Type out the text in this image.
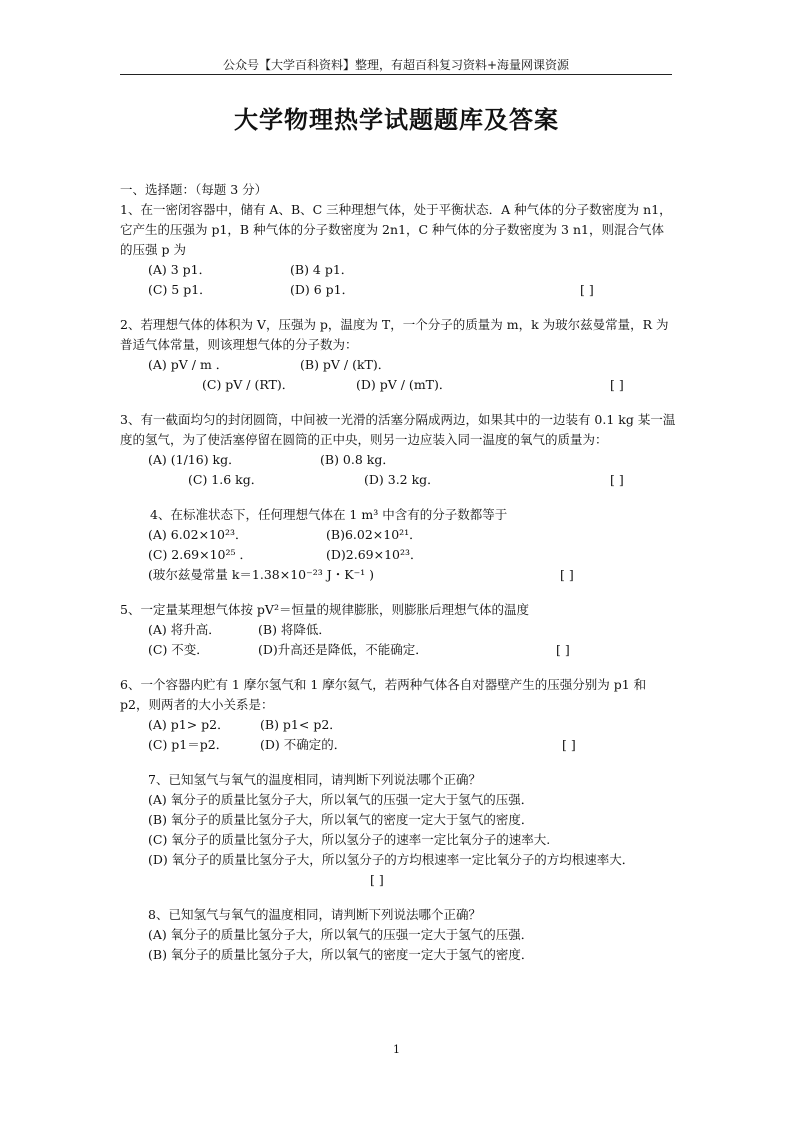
公众号【大学百科资料】整理，有超百科复习资料+海量网课资源
大学物理热学试题题库及答案
一、选择题：（每题 3 分）
1、在一密闭容器中，储有 A、B、C 三种理想气体，处于平衡状态．A 种气体的分子数密度为 n1，它产生的压强为 p1，B 种气体的分子数密度为 2n1，C 种气体的分子数密度为 3 n1，则混合气体的压强 p 为
(A) 3 p1．	(B) 4 p1．
(C) 5 p1．	(D) 6 p1．	[ ]
2、若理想气体的体积为 V，压强为 p，温度为 T，一个分子的质量为 m，k 为玻尔兹曼常量，R 为普适气体常量，则该理想气体的分子数为：
(A) pV / m ．	(B) pV / (kT)．
(C) pV / (RT)．	(D) pV / (mT)．	[ ]
3、有一截面均匀的封闭圆筒，中间被一光滑的活塞分隔成两边，如果其中的一边装有 0.1 kg 某一温度的氢气，为了使活塞停留在圆筒的正中央，则另一边应装入同一温度的氧气的质量为：
(A) (1/16) kg．	(B) 0.8 kg．
(C) 1.6 kg．	(D) 3.2 kg．	[ ]
4、在标准状态下，任何理想气体在 1 m³ 中含有的分子数都等于
(A) 6.02×10²³．	(B)6.02×10²¹．
(C) 2.69×10²⁵ ．	(D)2.69×10²³．
(玻尔兹曼常量 k＝1.38×10⁻²³ J・K⁻¹ )	[ ]
5、一定量某理想气体按 pV²＝恒量的规律膨胀，则膨胀后理想气体的温度
(A) 将升高．	(B) 将降低．
(C) 不变．	(D)升高还是降低，不能确定．	[ ]
6、一个容器内贮有 1 摩尔氢气和 1 摩尔氦气，若两种气体各自对器壁产生的压强分别为 p1 和 p2，则两者的大小关系是：
(A) p1> p2． (B) p1< p2．
(C) p1＝p2．	(D) 不确定的．	[ ]
7、已知氢气与氧气的温度相同，请判断下列说法哪个正确？
(A) 氧分子的质量比氢分子大，所以氧气的压强一定大于氢气的压强．
(B) 氧分子的质量比氢分子大，所以氧气的密度一定大于氢气的密度．
(C) 氧分子的质量比氢分子大，所以氢分子的速率一定比氧分子的速率大.
(D) 氧分子的质量比氢分子大，所以氢分子的方均根速率一定比氧分子的方均根速率大．[ ]
8、已知氢气与氧气的温度相同，请判断下列说法哪个正确？
(A) 氧分子的质量比氢分子大，所以氧气的压强一定大于氢气的压强．
(B) 氧分子的质量比氢分子大，所以氧气的密度一定大于氢气的密度．
1
